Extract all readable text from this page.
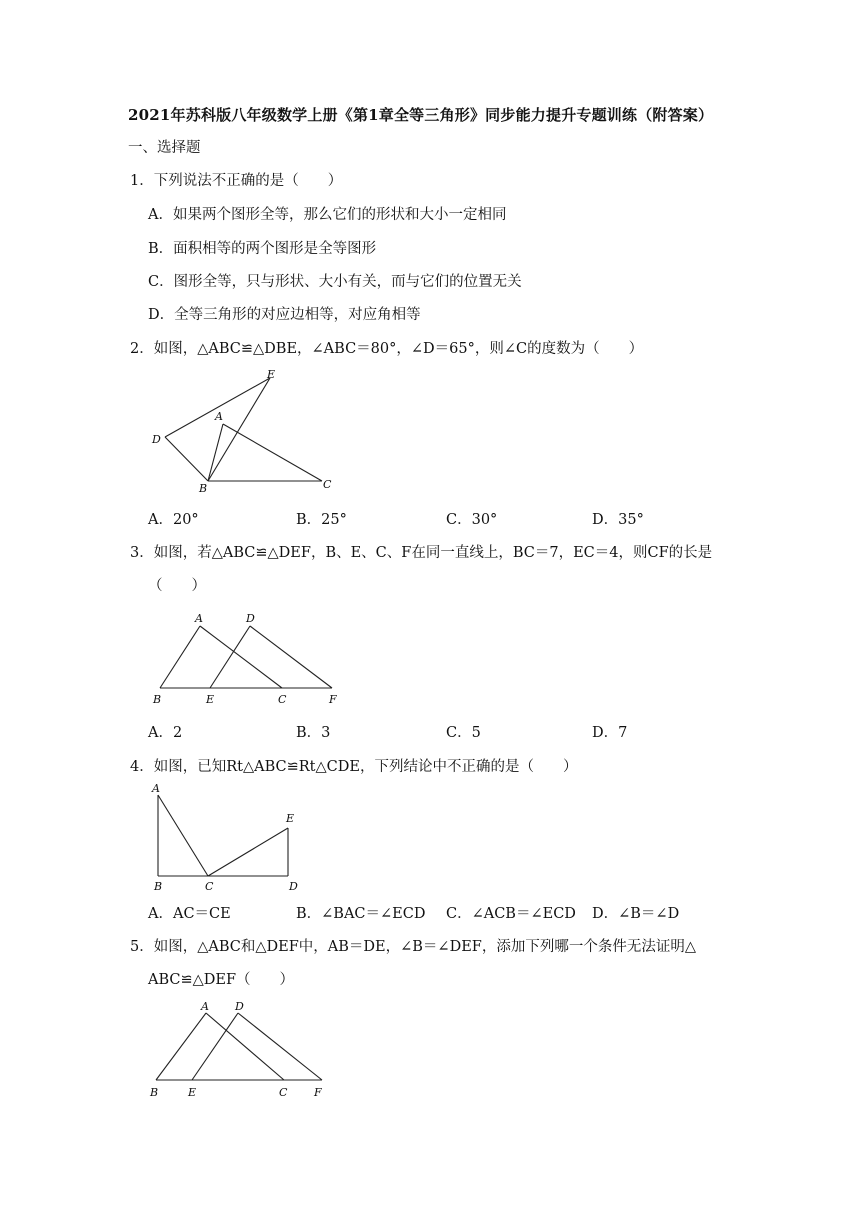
2021年苏科版八年级数学上册《第1章全等三角形》同步能力提升专题训练（附答案）
一、选择题
1．下列说法不正确的是（　　）
A．如果两个图形全等，那么它们的形状和大小一定相同
B．面积相等的两个图形是全等图形
C．图形全等，只与形状、大小有关，而与它们的位置无关
D．全等三角形的对应边相等，对应角相等
2．如图，△ABC≌△DBE，∠ABC＝80°，∠D＝65°，则∠C的度数为（　　）
E
A
D
B	C
A．20°	B．25°	C．30°	D．35°
3．如图，若△ABC≌△DEF，B、E、C、F在同一直线上，BC＝7，EC＝4，则CF的长是
（　　）
A	D
B	E	C	F
A．2	B．3	C．5	D．7
4．如图，已知Rt△ABC≌Rt△CDE，下列结论中不正确的是（　　）
A
E
B	C	D
A．AC＝CE	B．∠BAC＝∠ECD C．∠ACB＝∠ECD D．∠B＝∠D
5．如图，△ABC和△DEF中，AB＝DE，∠B＝∠DEF，添加下列哪一个条件无法证明△
ABC≌△DEF（　　）
A D
B	E	C F
